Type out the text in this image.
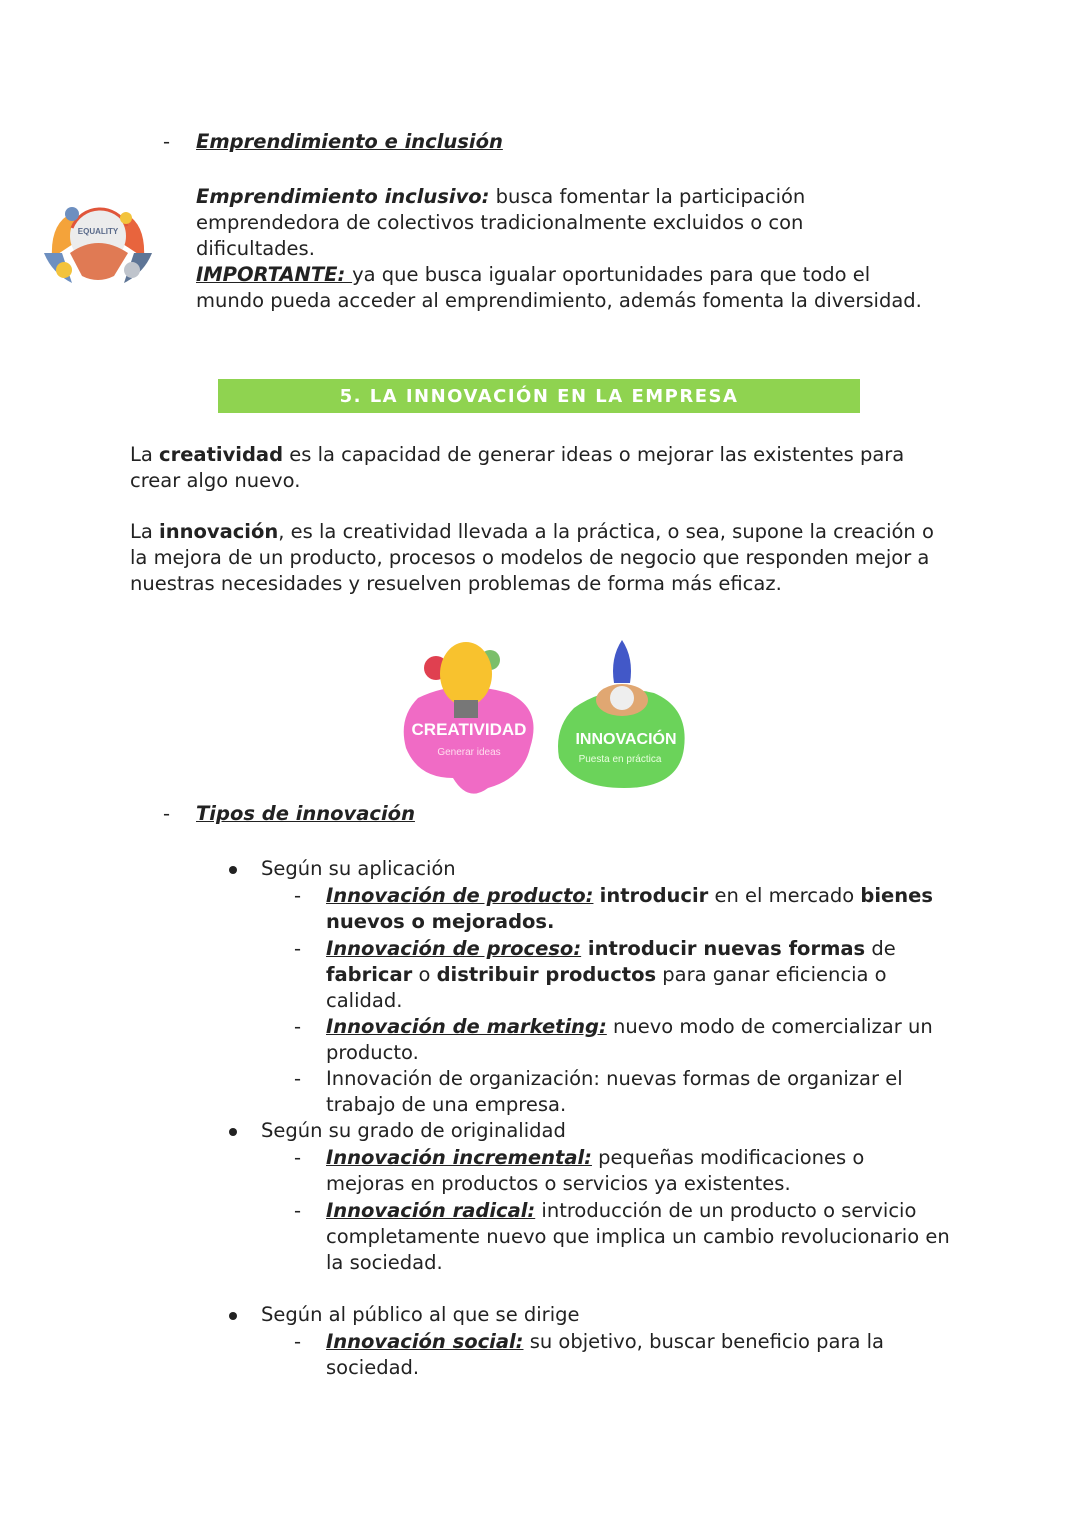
- Emprendimiento e inclusión
EQUALITY
Emprendimiento inclusivo: busca fomentar la participación emprendedora de colectivos tradicionalmente excluidos o con dificultades.
IMPORTANTE: ya que busca igualar oportunidades para que todo el mundo pueda acceder al emprendimiento, además fomenta la diversidad.
5. LA INNOVACIÓN EN LA EMPRESA
La creatividad es la capacidad de generar ideas o mejorar las existentes para crear algo nuevo.
La innovación, es la creatividad llevada a la práctica, o sea, supone la creación o la mejora de un producto, procesos o modelos de negocio que responden mejor a nuestras necesidades y resuelven problemas de forma más eficaz.
CREATIVIDAD
Generar ideas
INNOVACIÓN
Puesta en práctica
- Tipos de innovación
Según su aplicación
- Innovación de producto: introducir en el mercado bienes nuevos o mejorados.
- Innovación de proceso: introducir nuevas formas de fabricar o distribuir productos para ganar eficiencia o calidad.
- Innovación de marketing: nuevo modo de comercializar un producto.
- Innovación de organización: nuevas formas de organizar el trabajo de una empresa.
Según su grado de originalidad
- Innovación incremental: pequeñas modificaciones o mejoras en productos o servicios ya existentes.
- Innovación radical: introducción de un producto o servicio completamente nuevo que implica un cambio revolucionario en la sociedad.
Según al público al que se dirige
- Innovación social: su objetivo, buscar beneficio para la sociedad.
